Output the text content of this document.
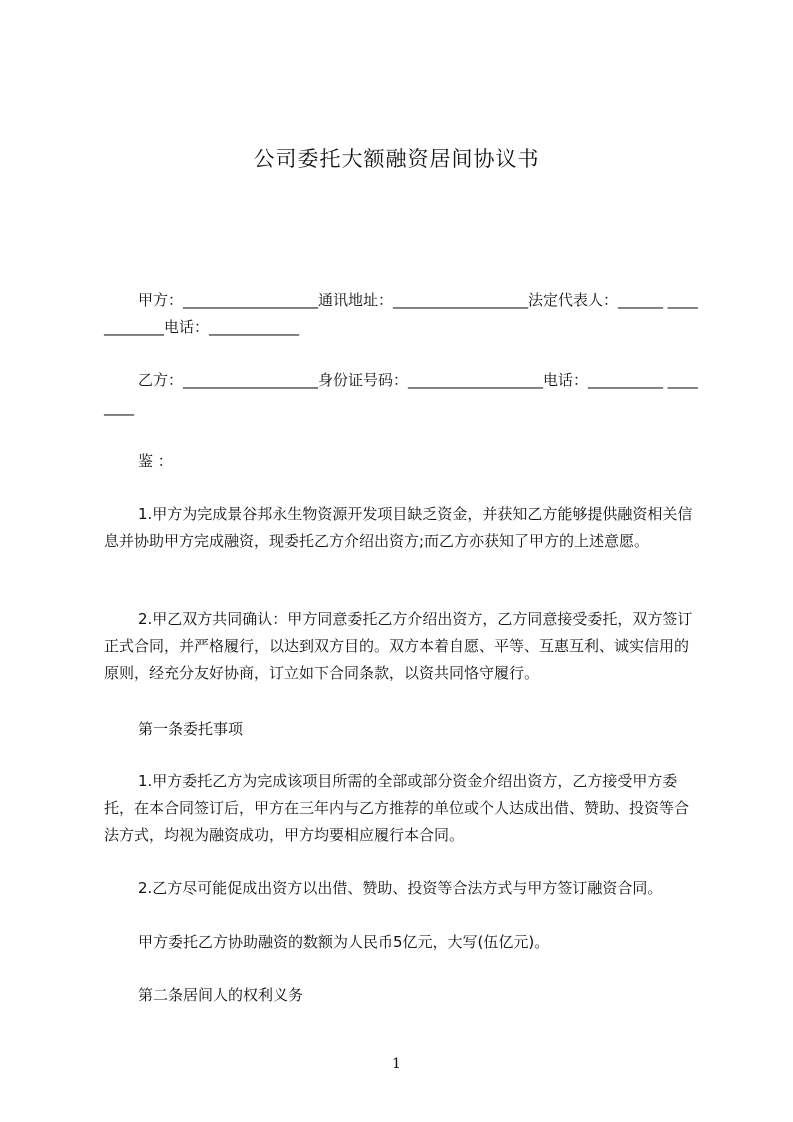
公司委托大额融资居间协议书

甲方：__________________通讯地址：__________________法定代表人：______ ____________电话：____________

乙方：__________________身份证号码：__________________电话：__________ ________

鉴 ：

1.甲方为完成景谷邦永生物资源开发项目缺乏资金，并获知乙方能够提供融资相关信息并协助甲方完成融资，现委托乙方介绍出资方;而乙方亦获知了甲方的上述意愿。

2.甲乙双方共同确认：甲方同意委托乙方介绍出资方，乙方同意接受委托，双方签订正式合同，并严格履行，以达到双方目的。双方本着自愿、平等、互惠互利、诚实信用的原则，经充分友好协商，订立如下合同条款，以资共同恪守履行。

第一条委托事项

1.甲方委托乙方为完成该项目所需的全部或部分资金介绍出资方，乙方接受甲方委托，在本合同签订后，甲方在三年内与乙方推荐的单位或个人达成出借、赞助、投资等合法方式，均视为融资成功，甲方均要相应履行本合同。

2.乙方尽可能促成出资方以出借、赞助、投资等合法方式与甲方签订融资合同。

甲方委托乙方协助融资的数额为人民币5亿元，大写(伍亿元)。

第二条居间人的权利义务

1
